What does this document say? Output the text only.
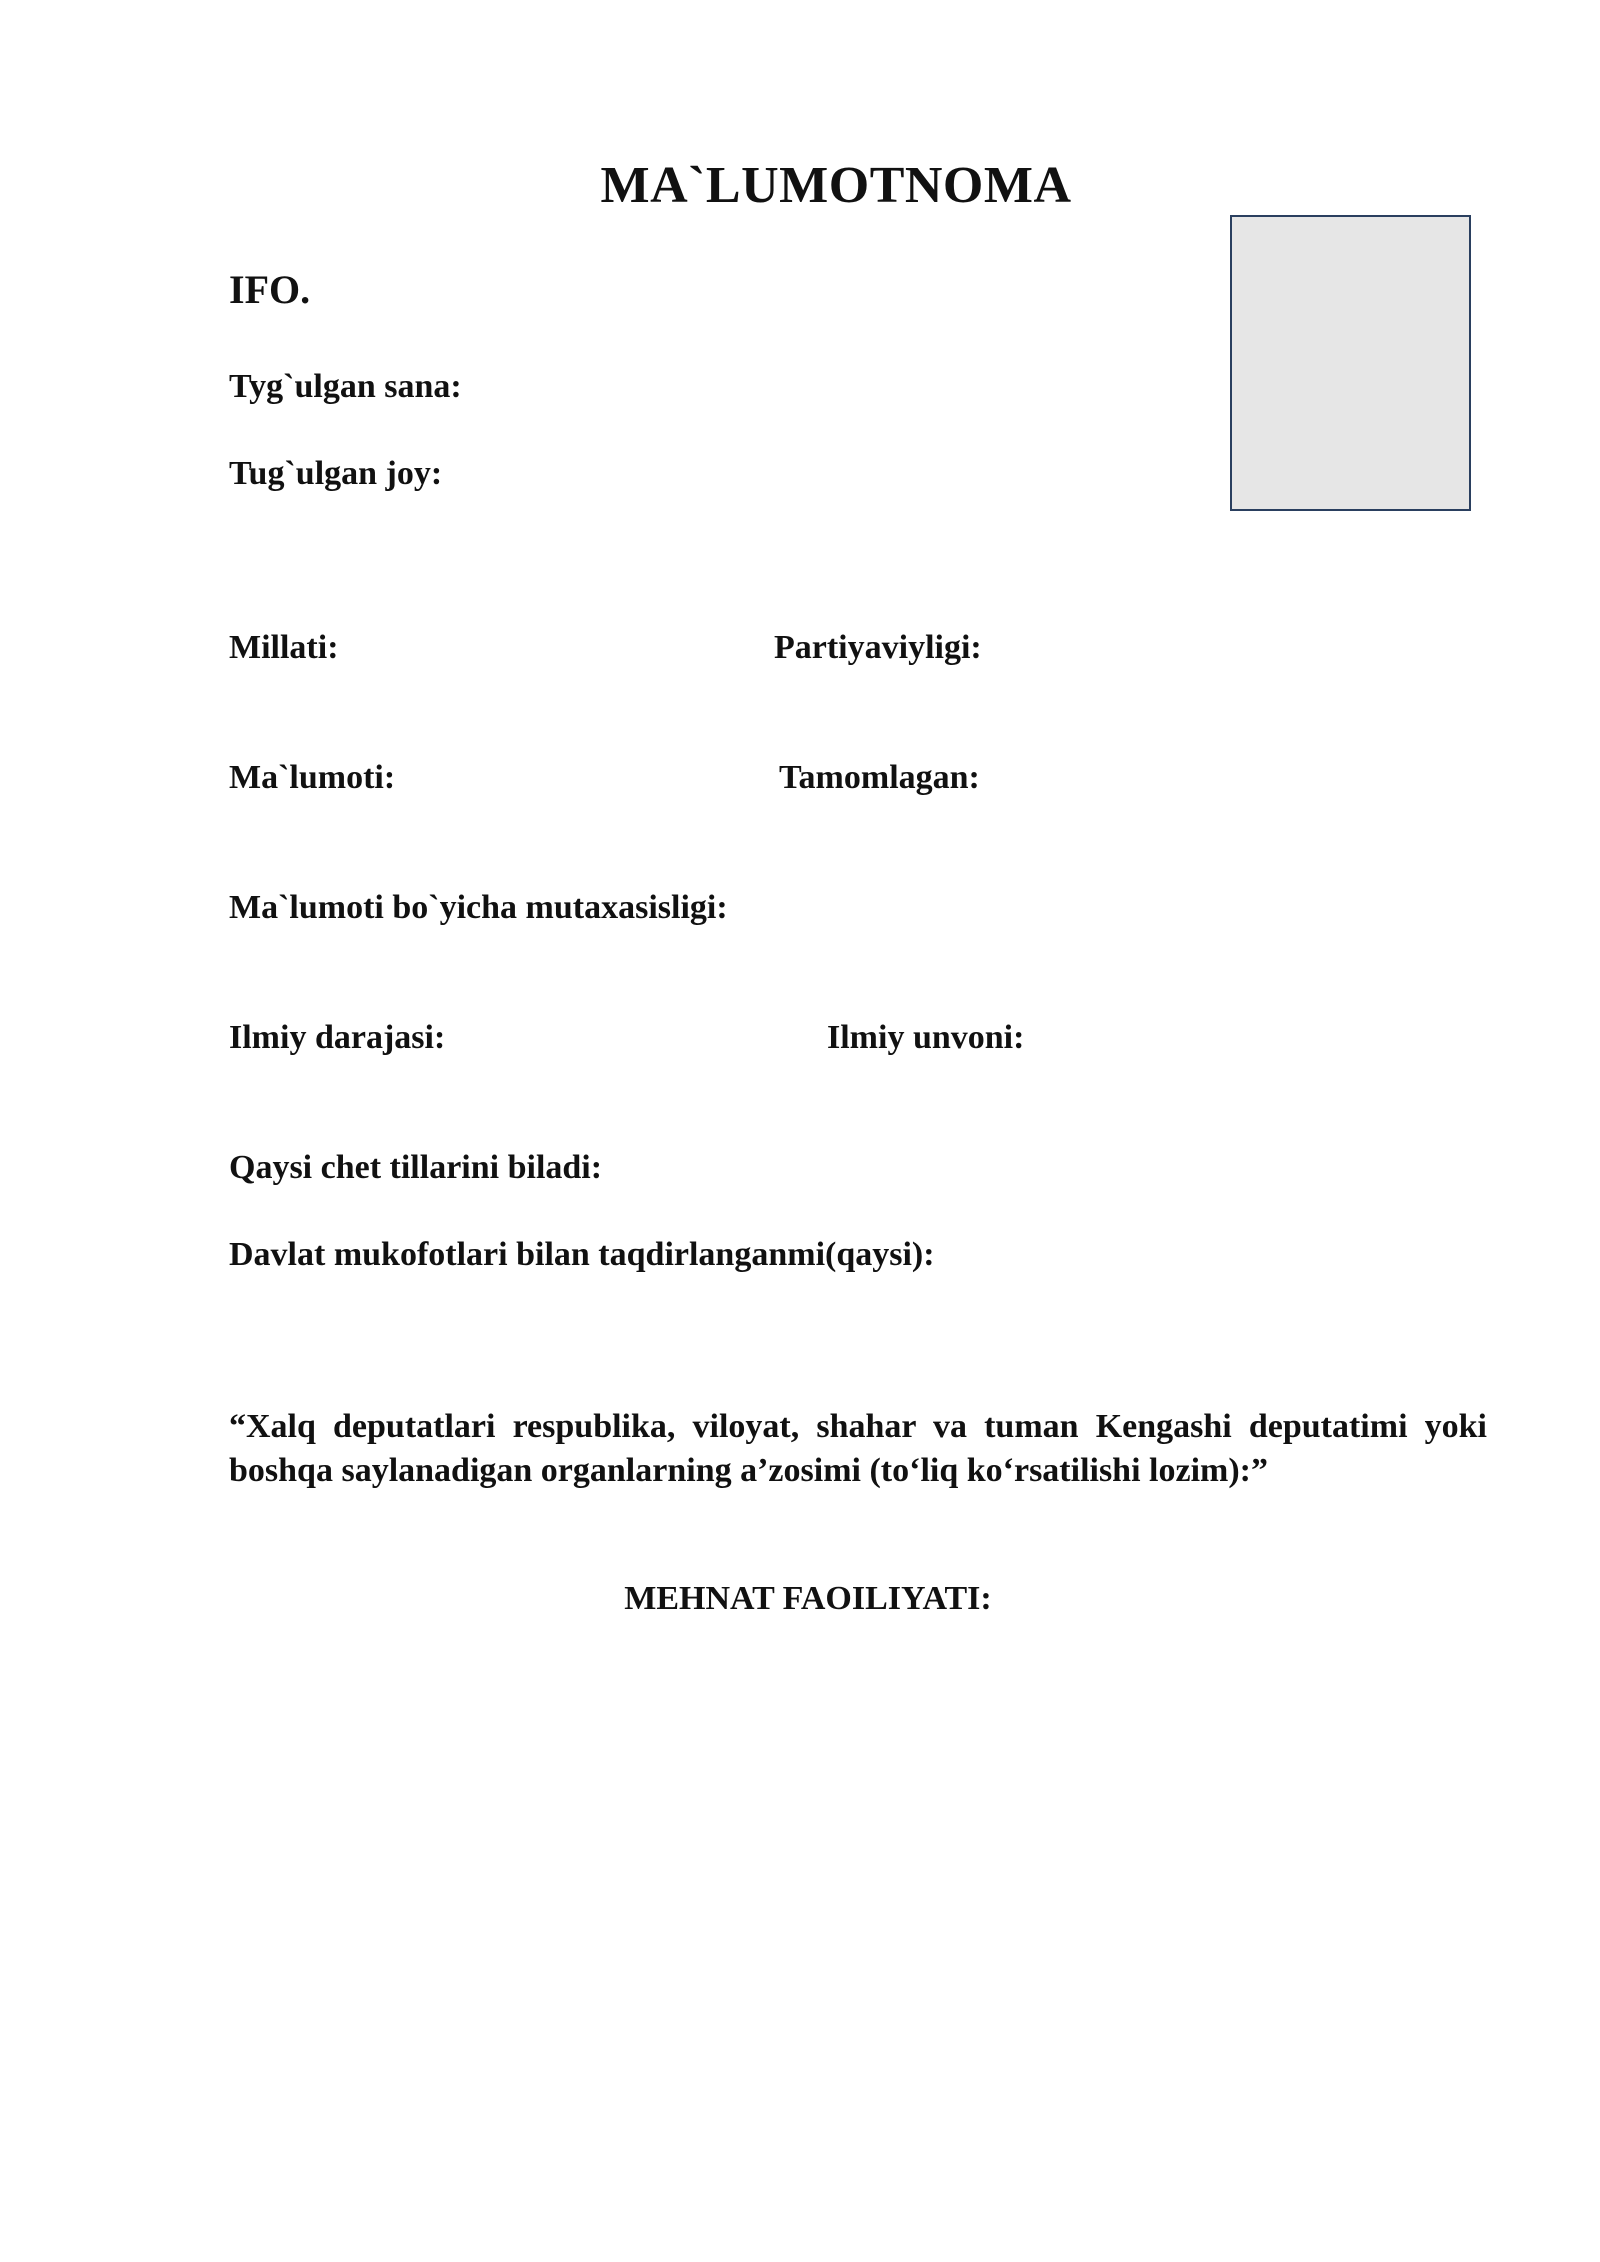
MA`LUMOTNOMA
IFO.
Tyg`ulgan sana:
Tug`ulgan joy:
Millati:	Partiyaviyligi:
Ma`lumoti:	Tamomlagan:
Ma`lumoti bo`yicha mutaxasisligi:
Ilmiy darajasi:	Ilmiy unvoni:
Qaysi chet tillarini biladi:
Davlat mukofotlari bilan taqdirlanganmi(qaysi):
“Xalq deputatlari respublika, viloyat, shahar va tuman Kengashi deputatimi yoki boshqa saylanadigan organlarning a’zosimi (to‘liq ko‘rsatilishi lozim):”
MEHNAT FAOILIYATI:
